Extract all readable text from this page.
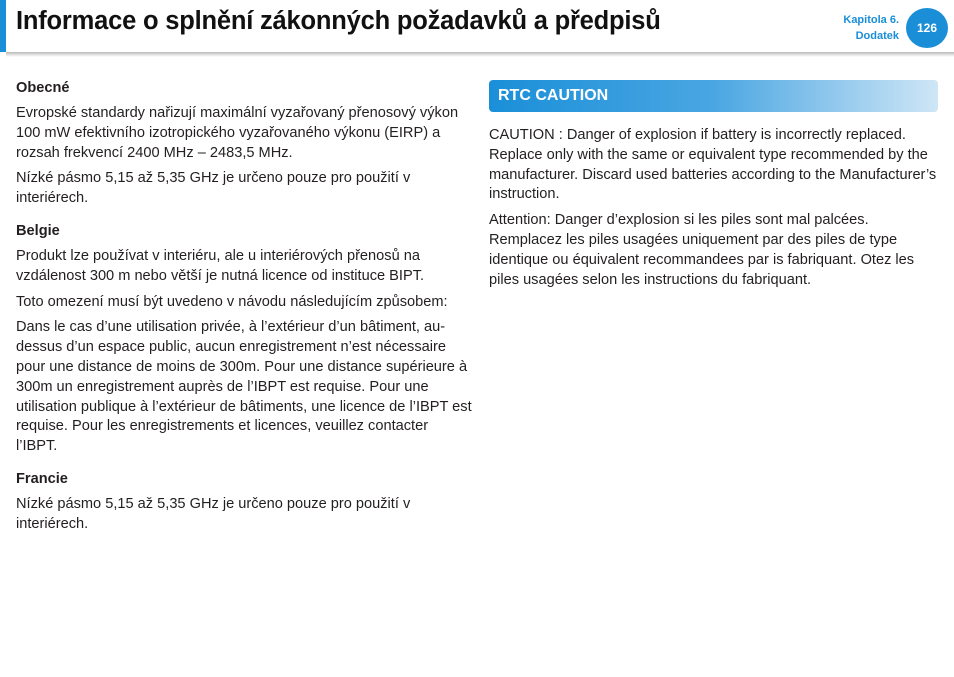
Informace o splnění zákonných požadavků a předpisů	Kapitola 6.
Dodatek
126
Obecné

Evropské standardy nařizují maximální vyzařovaný přenosový výkon 100 mW efektivního izotropického vyzařovaného výkonu (EIRP) a rozsah frekvencí 2400 MHz – 2483,5 MHz.

Nízké pásmo 5,15 až 5,35 GHz je určeno pouze pro použití v interiérech.

Belgie

Produkt lze používat v interiéru, ale u interiérových přenosů na vzdálenost 300 m nebo větší je nutná licence od instituce BIPT.

Toto omezení musí být uvedeno v návodu následujícím způsobem:

Dans le cas d’une utilisation privée, à l’extérieur d’un bâtiment, au-dessus d’un espace public, aucun enregistrement n’est nécessaire pour une distance de moins de 300m. Pour une distance supérieure à 300m un enregistrement auprès de l’IBPT est requise. Pour une utilisation publique à l’extérieur de bâtiments, une licence de l’IBPT est requise. Pour les enregistrements et licences, veuillez contacter l’IBPT.

Francie

Nízké pásmo 5,15 až 5,35 GHz je určeno pouze pro použití v interiérech.

RTC CAUTION

CAUTION : Danger of explosion if battery is incorrectly replaced. Replace only with the same or equivalent type recommended by the manufacturer. Discard used batteries according to the Manufacturer’s instruction.

Attention: Danger d’explosion si les piles sont mal palcées. Remplacez les piles usagées uniquement par des piles de type identique ou équivalent recommandees par is fabriquant. Otez les piles usagées selon les instructions du fabriquant.
